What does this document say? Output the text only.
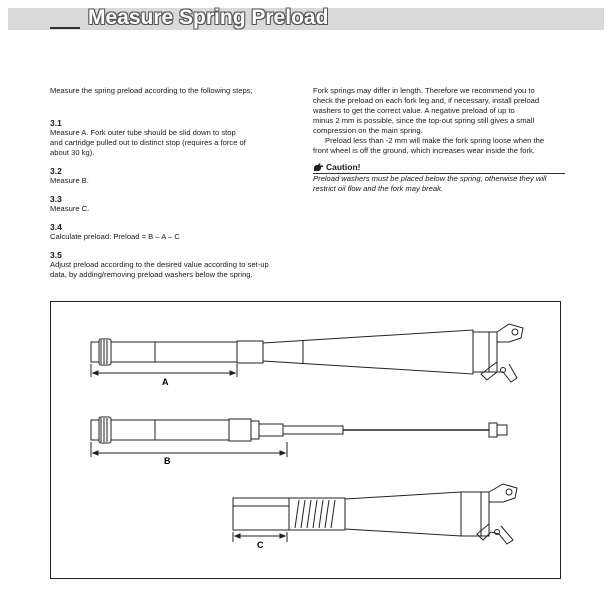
Measure Spring Preload

Measure the spring preload according to the following steps;

3.1

Measure A. Fork outer tube should be slid down to stop

and cartridge pulled out to distinct stop (requires a force of

about 30 kg).

3.2

Measure B.

3.3

Measure C.

3.4

Calculate preload: Preload = B – A – C

3.5

Adjust preload according to the desired value according to set-up

data, by adding/removing preload washers below the spring.

Fork springs may differ in length. Therefore we recommend you to

check the preload on each fork leg and, if necessary, install preload

washers to get the correct value. A negative preload of up to

minus 2 mm is possible, since the top-out spring still gives a small

compression on the main spring.

Preload less than -2 mm will make the fork spring loose when the

front wheel is off the ground, which increases wear inside the fork.

Caution!

Preload washers must be placed below the spring, otherwise they will

restrict oil flow and the fork may break.

A
B
C
